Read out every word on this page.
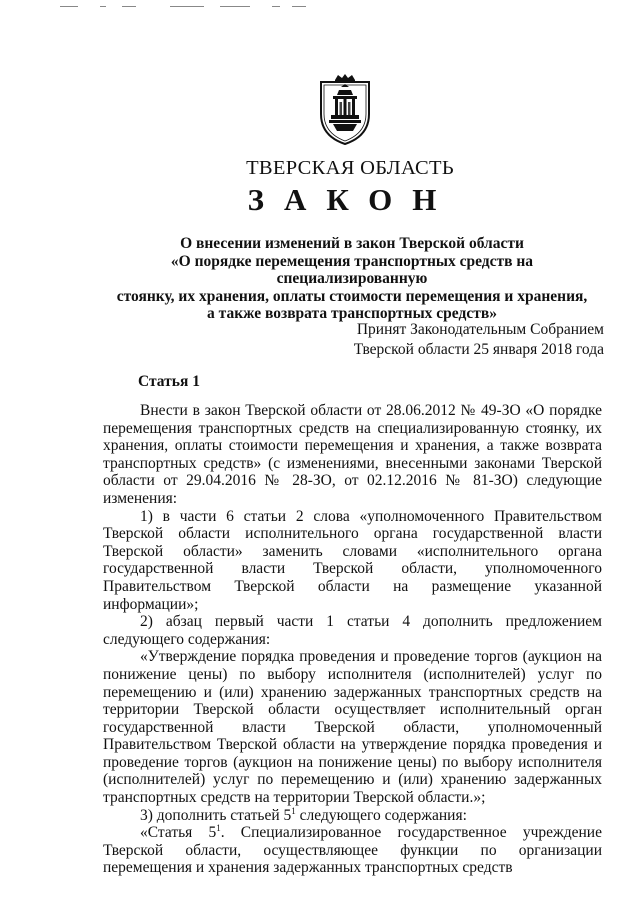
ТВЕРСКАЯ ОБЛАСТЬ
ЗАКОН
О внесении изменений в закон Тверской области
«О порядке перемещения транспортных средств на специализированную
стоянку, их хранения, оплаты стоимости перемещения и хранения,
а также возврата транспортных средств»
Принят Законодательным Собранием
Тверской области 25 января 2018 года
Статья 1

Внести в закон Тверской области от 28.06.2012 № 49-ЗО «О порядке перемещения транспортных средств на специализированную стоянку, их хранения, оплаты стоимости перемещения и хранения, а также возврата транспортных средств» (с изменениями, внесенными законами Тверской области от 29.04.2016 № 28-ЗО, от 02.12.2016 № 81-ЗО) следующие изменения:

1) в части 6 статьи 2 слова «уполномоченного Правительством Тверской области исполнительного органа государственной власти Тверской области» заменить словами «исполнительного органа государственной власти Тверской области, уполномоченного Правительством Тверской области на размещение указанной информации»;

2) абзац первый части 1 статьи 4 дополнить предложением следующего содержания:

«Утверждение порядка проведения и проведение торгов (аукцион на понижение цены) по выбору исполнителя (исполнителей) услуг по перемещению и (или) хранению задержанных транспортных средств на территории Тверской области осуществляет исполнительный орган государственной власти Тверской области, уполномоченный Правительством Тверской области на утверждение порядка проведения и проведение торгов (аукцион на понижение цены) по выбору исполнителя (исполнителей) услуг по перемещению и (или) хранению задержанных транспортных средств на территории Тверской области.»;

3) дополнить статьей $5^1$ следующего содержания:

«Статья $5^1$. Специализированное государственное учреждение Тверской области, осуществляющее функции по организации перемещения и хранения задержанных транспортных средств
